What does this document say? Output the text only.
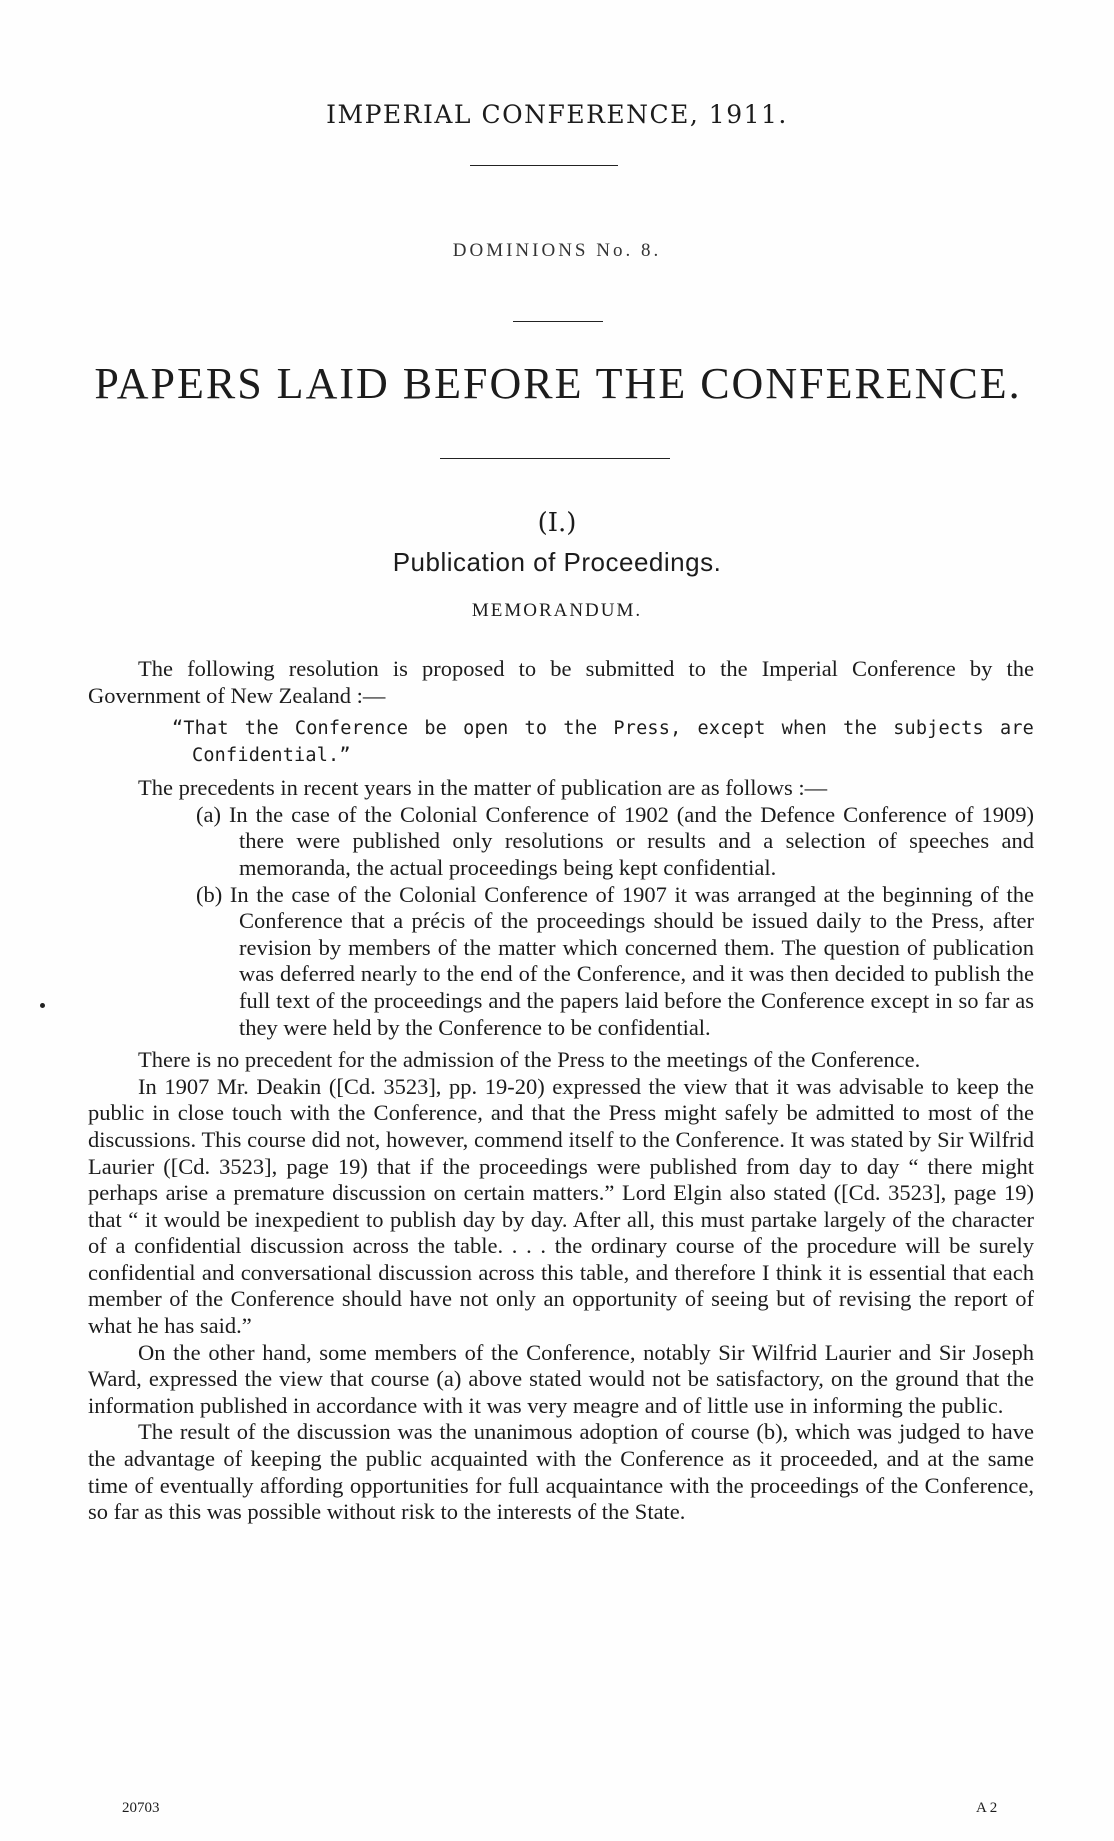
IMPERIAL CONFERENCE, 1911.
DOMINIONS No. 8.
PAPERS LAID BEFORE THE CONFERENCE.
(I.)
Publication of Proceedings.
MEMORANDUM.

The following resolution is proposed to be submitted to the Imperial Conference by the Government of New Zealand :—

“That the Conference be open to the Press, except when the subjects are Confidential.”

The precedents in recent years in the matter of publication are as follows :—

(a) In the case of the Colonial Conference of 1902 (and the Defence Conference of 1909) there were published only resolutions or results and a selection of speeches and memoranda, the actual proceedings being kept confidential.

(b) In the case of the Colonial Conference of 1907 it was arranged at the beginning of the Conference that a précis of the proceedings should be issued daily to the Press, after revision by members of the matter which concerned them. The question of publication was deferred nearly to the end of the Conference, and it was then decided to publish the full text of the proceedings and the papers laid before the Conference except in so far as they were held by the Conference to be confidential.

There is no precedent for the admission of the Press to the meetings of the Conference.

In 1907 Mr. Deakin ([Cd. 3523], pp. 19-20) expressed the view that it was advisable to keep the public in close touch with the Conference, and that the Press might safely be admitted to most of the discussions. This course did not, however, commend itself to the Conference. It was stated by Sir Wilfrid Laurier ([Cd. 3523], page 19) that if the proceedings were published from day to day “ there might perhaps arise a premature discussion on certain matters.” Lord Elgin also stated ([Cd. 3523], page 19) that “ it would be inexpedient to publish day by day. After all, this must partake largely of the character of a confidential discussion across the table. . . . the ordinary course of the procedure will be surely confidential and conversational discussion across this table, and therefore I think it is essential that each member of the Conference should have not only an opportunity of seeing but of revising the report of what he has said.”

On the other hand, some members of the Conference, notably Sir Wilfrid Laurier and Sir Joseph Ward, expressed the view that course (a) above stated would not be satisfactory, on the ground that the information published in accordance with it was very meagre and of little use in informing the public.

The result of the discussion was the unanimous adoption of course (b), which was judged to have the advantage of keeping the public acquainted with the Conference as it proceeded, and at the same time of eventually affording opportunities for full acquaintance with the proceedings of the Conference, so far as this was possible without risk to the interests of the State.

20703	A 2
